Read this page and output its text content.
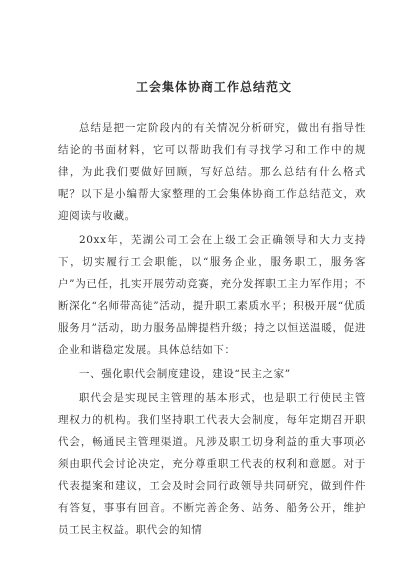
工会集体协商工作总结范文

总结是把一定阶段内的有关情况分析研究，做出有指导性结论的书面材料，它可以帮助我们有寻找学习和工作中的规律，为此我们要做好回顾，写好总结。那么总结有什么格式呢？以下是小编帮大家整理的工会集体协商工作总结范文，欢迎阅读与收藏。

20xx年，芜湖公司工会在上级工会正确领导和大力支持下，切实履行工会职能，以“服务企业，服务职工，服务客户”为已任，扎实开展劳动竞赛，充分发挥职工主力军作用；不断深化“名师带高徒”活动，提升职工素质水平；积极开展“优质服务月”活动，助力服务品牌提档升级；持之以恒送温暖，促进企业和谐稳定发展。具体总结如下：

一、强化职代会制度建设，建设“民主之家”

职代会是实现民主管理的基本形式，也是职工行使民主管理权力的机构。我们坚持职工代表大会制度，每年定期召开职代会，畅通民主管理渠道。凡涉及职工切身利益的重大事项必须由职代会讨论决定，充分尊重职工代表的权利和意愿。对于代表提案和建议，工会及时会同行政领导共同研究，做到件件有答复，事事有回音。不断完善企务、站务、船务公开，维护员工民主权益。职代会的知情
